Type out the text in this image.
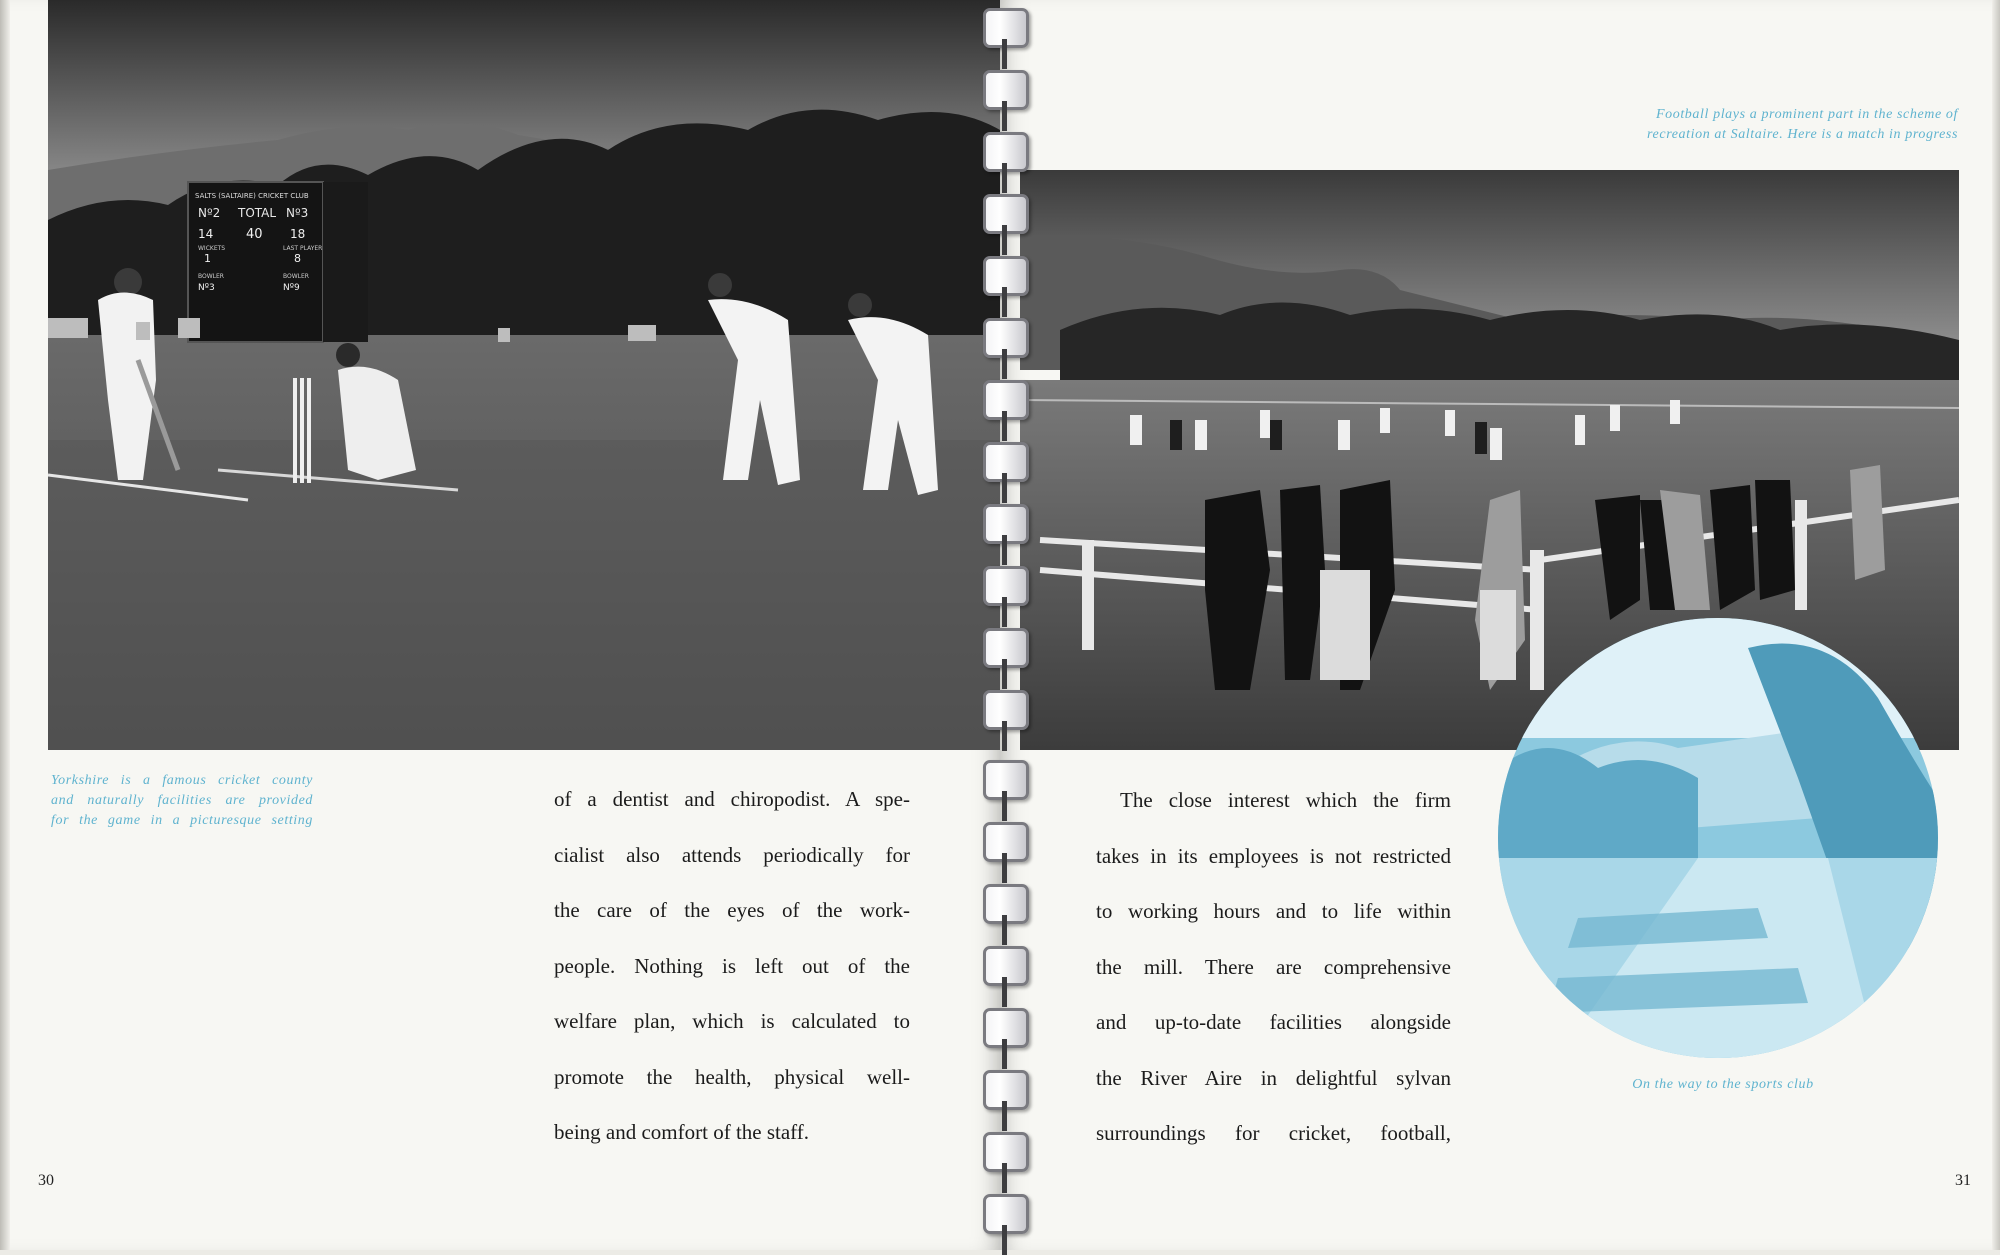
SALTS (SALTAIRE) CRICKET CLUB
Nº2 TOTAL Nº3
14	40 18
WICKETS	LAST PLAYER
1	8
BOWLER	BOWLER
Nº3	Nº9
Yorkshire is a famous cricket county
and naturally facilities are provided
for the game in a picturesque setting
of a dentist and chiropodist. A spe-
cialist also attends periodically for
the care of the eyes of the work-
people. Nothing is left out of the
welfare plan, which is calculated to
promote the health, physical well-
being and comfort of the staff.
30
Football plays a prominent part in the scheme of
recreation at Saltaire. Here is a match in progress
On the way to the sports club
The close interest which the firm
takes in its employees is not restricted
to working hours and to life within
the mill. There are comprehensive
and up-to-date facilities alongside
the River Aire in delightful sylvan
surroundings for cricket, football,
31
